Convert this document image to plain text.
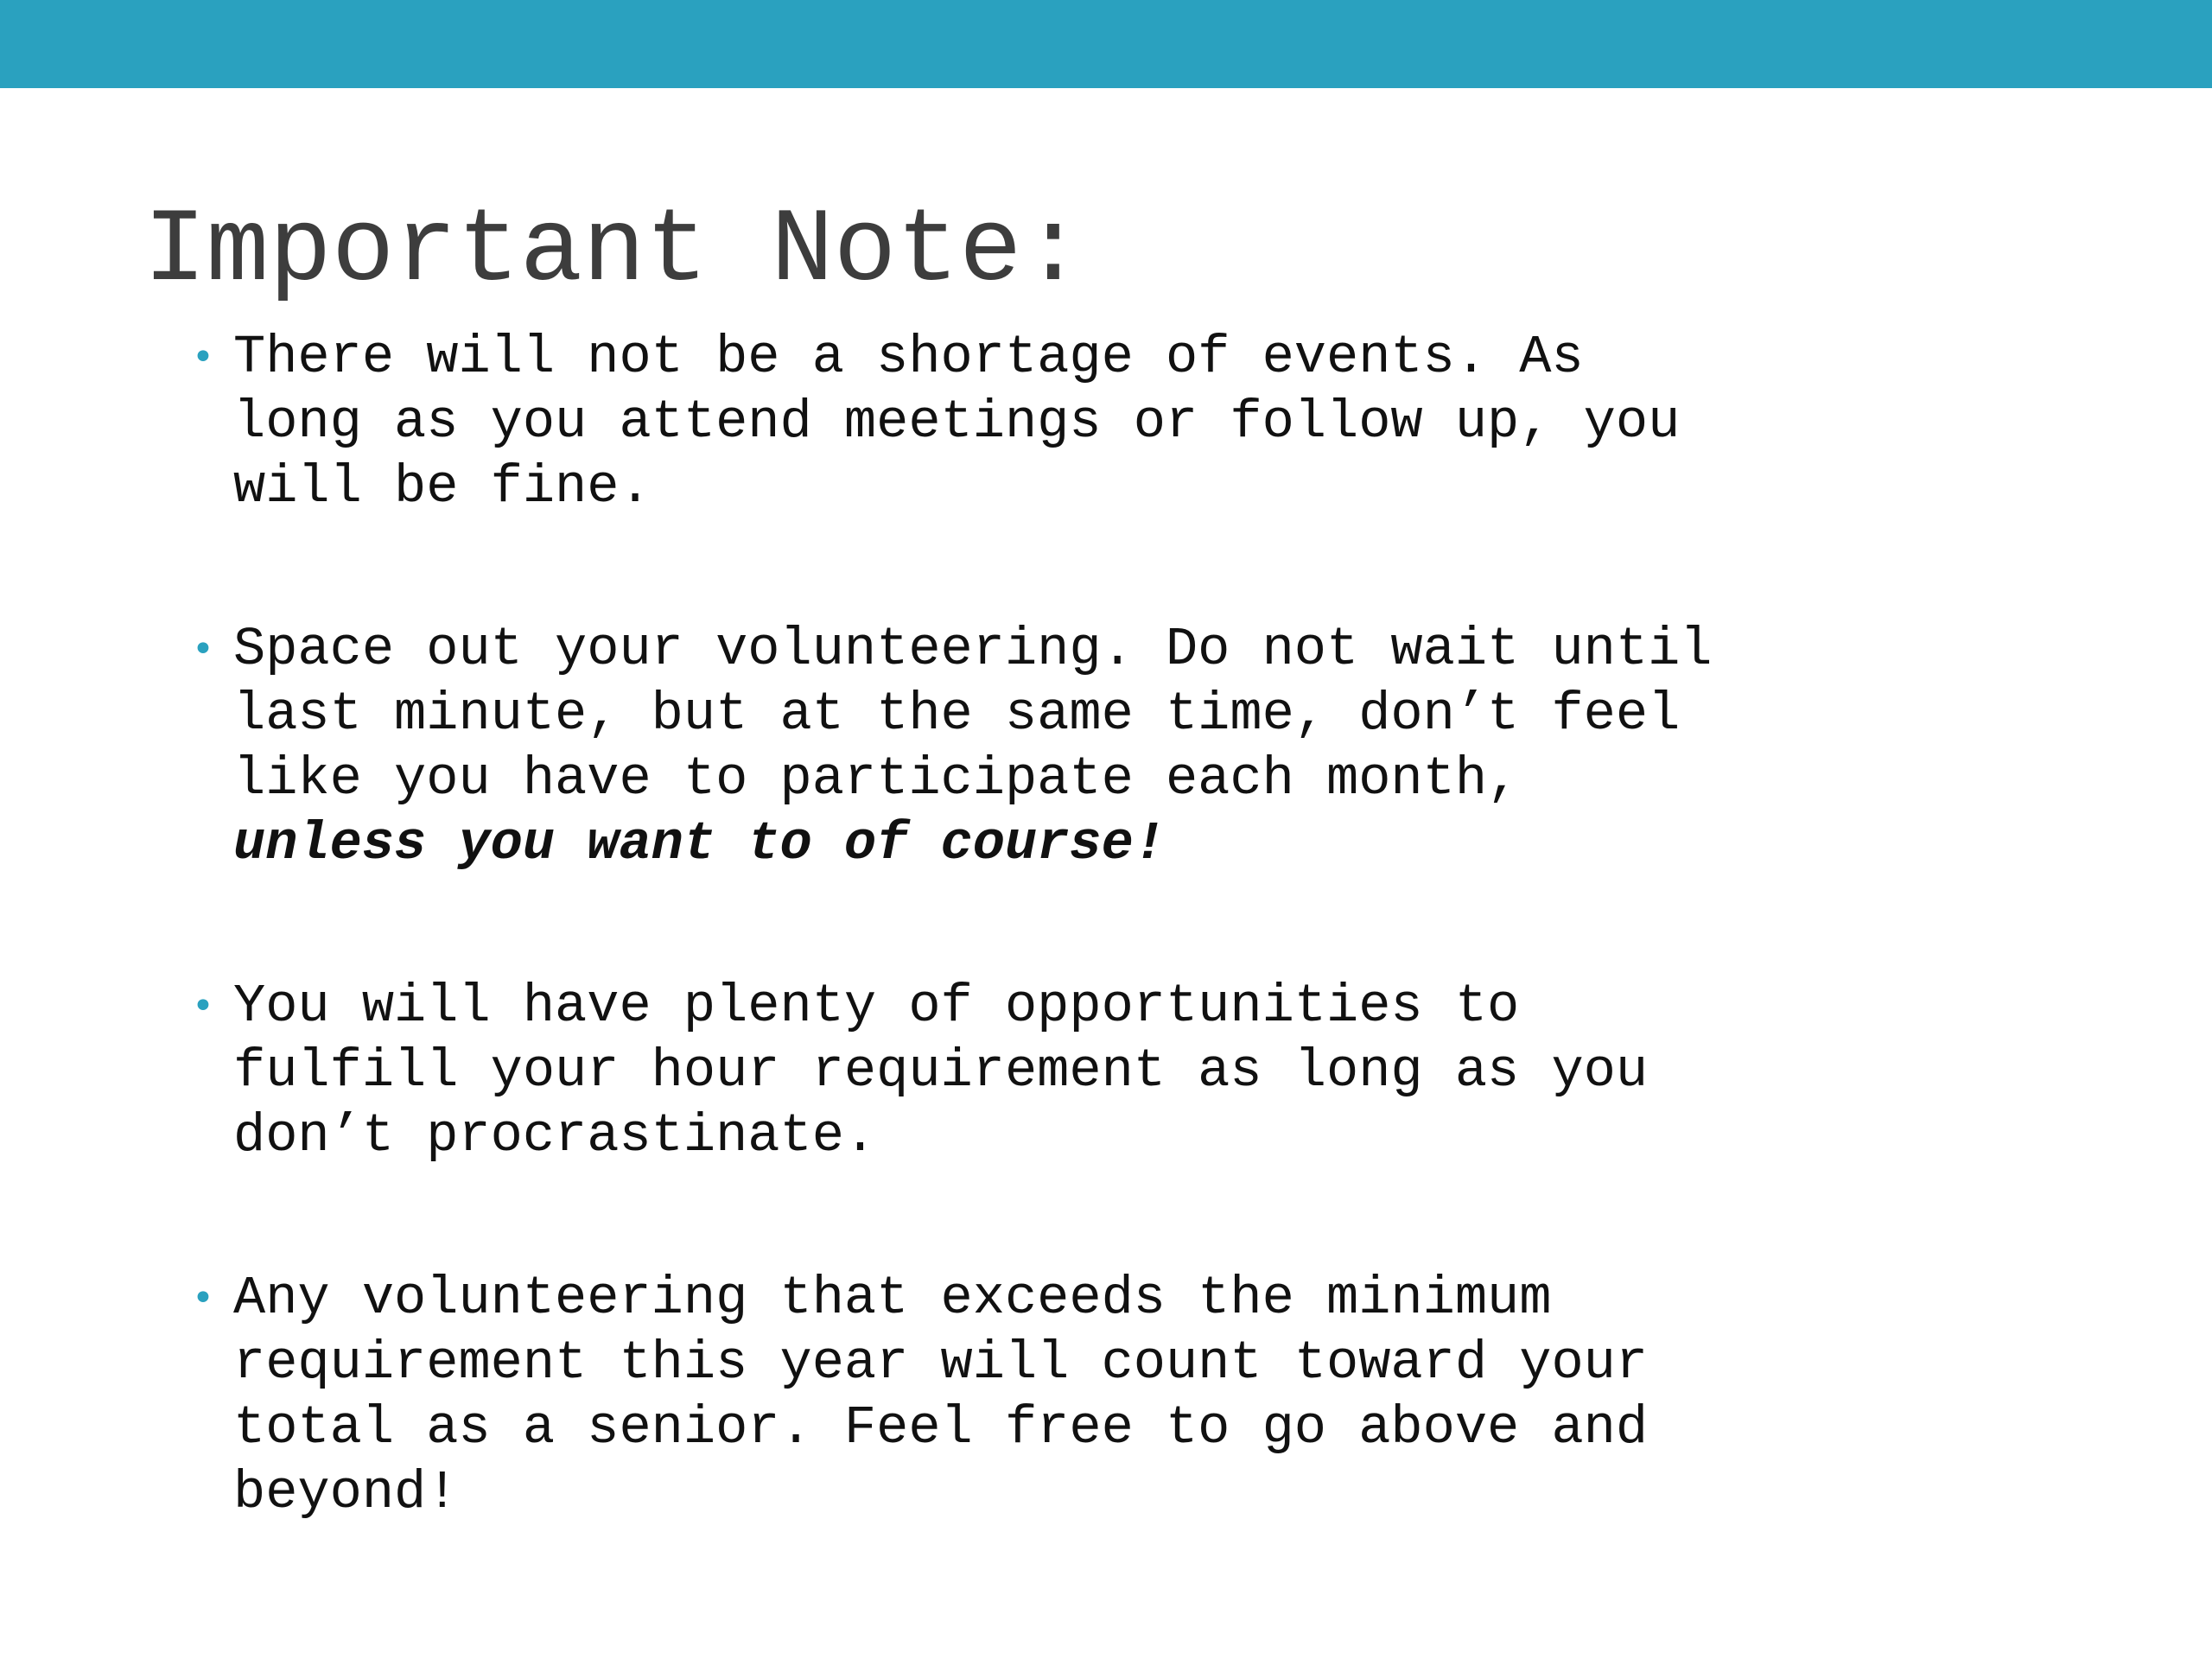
Important Note:
• There will not be a shortage of events. As
long as you attend meetings or follow up, you
will be fine.
• Space out your volunteering. Do not wait until
last minute, but at the same time, don’t feel
like you have to participate each month,
unless you want to of course!
• You will have plenty of opportunities to
fulfill your hour requirement as long as you
don’t procrastinate.
• Any volunteering that exceeds the minimum
requirement this year will count toward your
total as a senior. Feel free to go above and
beyond!
